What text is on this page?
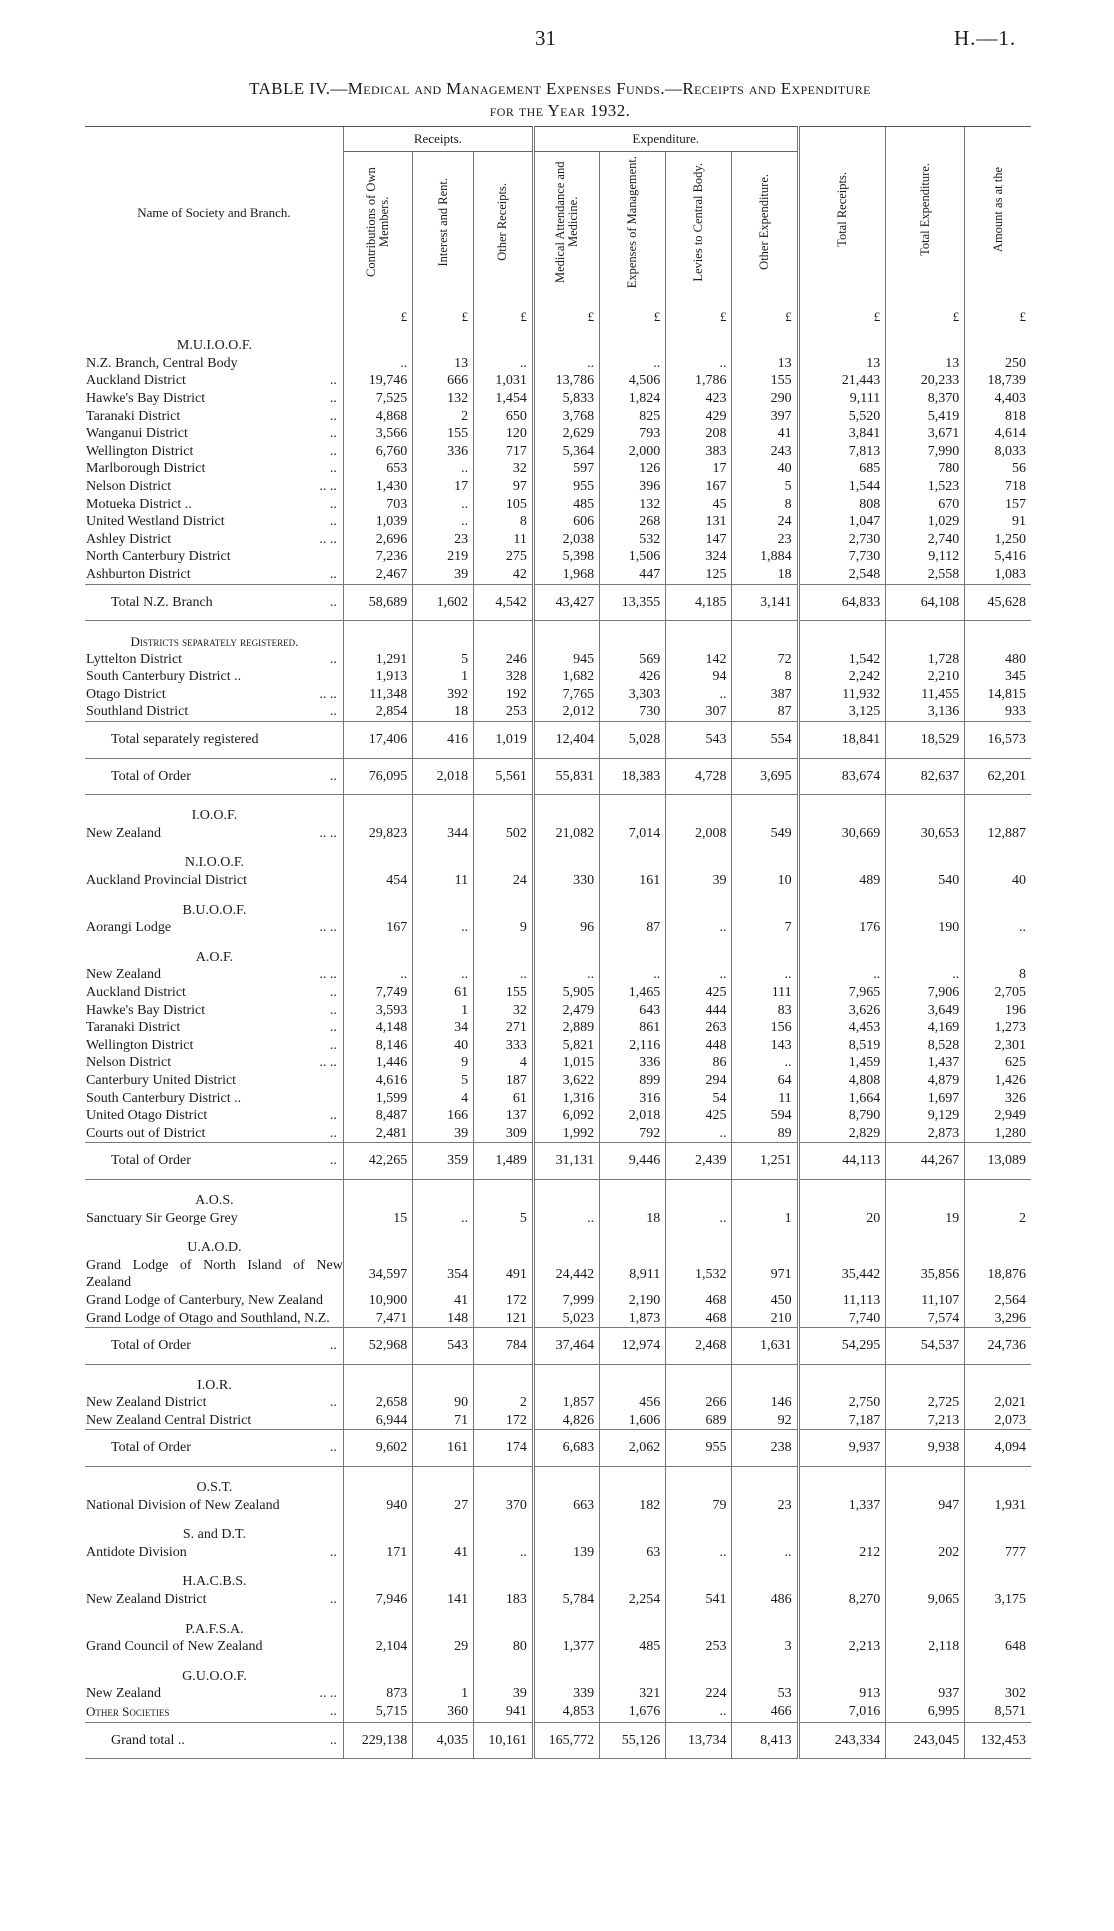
31	H.—1.
TABLE IV.—Medical and Management Expenses Funds.—Receipts and Expenditure
for the Year 1932.
Name of Society and Branch.	Receipts.			Expenditure.				Total Receipts.	Total Expenditure.	Amount as at the
	Contributions of Own Members.	Interest and Rent.	Other Receipts.	Medical Attendance and Medicine.	Expenses of Management.	Levies to Central Body.	Other Expenditure.			
	£	£	£	£	£	£	£	£	£	£
M.U.I.O.O.F.										
N.Z. Branch, Central Body	..	13	..	..	..	..	13	13	13	250
Auckland District ..	19,746	666	1,031	13,786	4,506	1,786	155	21,443	20,233	18,739
Hawke's Bay District ..	7,525	132	1,454	5,833	1,824	423	290	9,111	8,370	4,403
Taranaki District ..	4,868	2	650	3,768	825	429	397	5,520	5,419	818
Wanganui District ..	3,566	155	120	2,629	793	208	41	3,841	3,671	4,614
Wellington District ..	6,760	336	717	5,364	2,000	383	243	7,813	7,990	8,033
Marlborough District ..	653	..	32	597	126	17	40	685	780	56
Nelson District .. ..	1,430	17	97	955	396	167	5	1,544	1,523	718
Motueka District .. ..	703	..	105	485	132	45	8	808	670	157
United Westland District ..	1,039	..	8	606	268	131	24	1,047	1,029	91
Ashley District .. ..	2,696	23	11	2,038	532	147	23	2,730	2,740	1,250
North Canterbury District	7,236	219	275	5,398	1,506	324	1,884	7,730	9,112	5,416
Ashburton District ..	2,467	39	42	1,968	447	125	18	2,548	2,558	1,083
Total N.Z. Branch ..	58,689	1,602	4,542	43,427	13,355	4,185	3,141	64,833	64,108	45,628
Districts separately registered.										
Lyttelton District ..	1,291	5	246	945	569	142	72	1,542	1,728	480
South Canterbury District ..	1,913	1	328	1,682	426	94	8	2,242	2,210	345
Otago District .. ..	11,348	392	192	7,765	3,303	..	387	11,932	11,455	14,815
Southland District ..	2,854	18	253	2,012	730	307	87	3,125	3,136	933
Total separately registered	17,406	416	1,019	12,404	5,028	543	554	18,841	18,529	16,573
Total of Order ..	76,095	2,018	5,561	55,831	18,383	4,728	3,695	83,674	82,637	62,201
I.O.O.F.										
New Zealand .. ..	29,823	344	502	21,082	7,014	2,008	549	30,669	30,653	12,887
N.I.O.O.F.										
Auckland Provincial District	454	11	24	330	161	39	10	489	540	40
B.U.O.O.F.										
Aorangi Lodge .. ..	167	..	9	96	87	..	7	176	190	..
A.O.F.										
New Zealand .. ..	..	..	..	..	..	..	..	..	..	8
Auckland District ..	7,749	61	155	5,905	1,465	425	111	7,965	7,906	2,705
Hawke's Bay District ..	3,593	1	32	2,479	643	444	83	3,626	3,649	196
Taranaki District ..	4,148	34	271	2,889	861	263	156	4,453	4,169	1,273
Wellington District ..	8,146	40	333	5,821	2,116	448	143	8,519	8,528	2,301
Nelson District .. ..	1,446	9	4	1,015	336	86	..	1,459	1,437	625
Canterbury United District	4,616	5	187	3,622	899	294	64	4,808	4,879	1,426
South Canterbury District ..	1,599	4	61	1,316	316	54	11	1,664	1,697	326
United Otago District ..	8,487	166	137	6,092	2,018	425	594	8,790	9,129	2,949
Courts out of District ..	2,481	39	309	1,992	792	..	89	2,829	2,873	1,280
Total of Order ..	42,265	359	1,489	31,131	9,446	2,439	1,251	44,113	44,267	13,089
A.O.S.										
Sanctuary Sir George Grey	15	..	5	..	18	..	1	20	19	2
U.A.O.D.										
Grand Lodge of North Island of New Zealand	34,597	354	491	24,442	8,911	1,532	971	35,442	35,856	18,876
Grand Lodge of Canterbury, New Zealand	10,900	41	172	7,999	2,190	468	450	11,113	11,107	2,564
Grand Lodge of Otago and Southland, N.Z.	7,471	148	121	5,023	1,873	468	210	7,740	7,574	3,296
Total of Order ..	52,968	543	784	37,464	12,974	2,468	1,631	54,295	54,537	24,736
I.O.R.										
New Zealand District ..	2,658	90	2	1,857	456	266	146	2,750	2,725	2,021
New Zealand Central District	6,944	71	172	4,826	1,606	689	92	7,187	7,213	2,073
Total of Order ..	9,602	161	174	6,683	2,062	955	238	9,937	9,938	4,094
O.S.T.										
National Division of New Zealand	940	27	370	663	182	79	23	1,337	947	1,931
S. and D.T.										
Antidote Division ..	171	41	..	139	63	..	..	212	202	777
H.A.C.B.S.										
New Zealand District ..	7,946	141	183	5,784	2,254	541	486	8,270	9,065	3,175
P.A.F.S.A.										
Grand Council of New Zealand	2,104	29	80	1,377	485	253	3	2,213	2,118	648
G.U.O.O.F.										
New Zealand .. ..	873	1	39	339	321	224	53	913	937	302
Other Societies ..	5,715	360	941	4,853	1,676	..	466	7,016	6,995	8,571
Grand total .. ..	229,138	4,035	10,161	165,772	55,126	13,734	8,413	243,334	243,045	132,453
